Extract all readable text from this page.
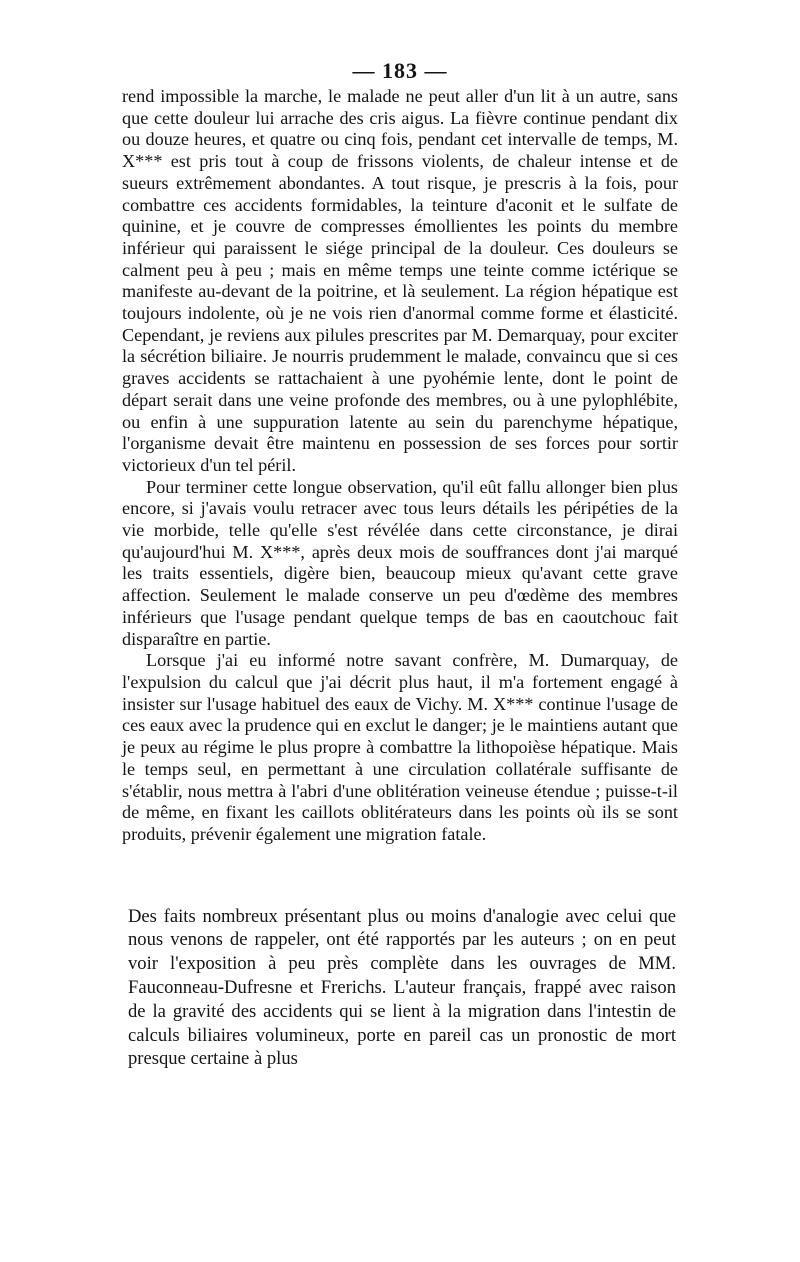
— 183 —

rend impossible la marche, le malade ne peut aller d'un lit à un autre, sans que cette douleur lui arrache des cris aigus. La fièvre continue pendant dix ou douze heures, et quatre ou cinq fois, pendant cet intervalle de temps, M. X*** est pris tout à coup de frissons violents, de chaleur intense et de sueurs extrêmement abondantes. A tout risque, je prescris à la fois, pour combattre ces accidents formidables, la teinture d'aconit et le sulfate de quinine, et je couvre de compresses émollientes les points du membre inférieur qui paraissent le siége principal de la douleur. Ces douleurs se calment peu à peu ; mais en même temps une teinte comme ictérique se manifeste au-devant de la poitrine, et là seulement. La région hépatique est toujours indolente, où je ne vois rien d'anormal comme forme et élasticité. Cependant, je reviens aux pilules prescrites par M. Demarquay, pour exciter la sécrétion biliaire. Je nourris prudemment le malade, convaincu que si ces graves accidents se rattachaient à une pyohémie lente, dont le point de départ serait dans une veine profonde des membres, ou à une pylophlébite, ou enfin à une suppuration latente au sein du parenchyme hépatique, l'organisme devait être maintenu en possession de ses forces pour sortir victorieux d'un tel péril.

Pour terminer cette longue observation, qu'il eût fallu allonger bien plus encore, si j'avais voulu retracer avec tous leurs détails les péripéties de la vie morbide, telle qu'elle s'est révélée dans cette circonstance, je dirai qu'aujourd'hui M. X***, après deux mois de souffrances dont j'ai marqué les traits essentiels, digère bien, beaucoup mieux qu'avant cette grave affection. Seulement le malade conserve un peu d'œdème des membres inférieurs que l'usage pendant quelque temps de bas en caoutchouc fait disparaître en partie.

Lorsque j'ai eu informé notre savant confrère, M. Dumarquay, de l'expulsion du calcul que j'ai décrit plus haut, il m'a fortement engagé à insister sur l'usage habituel des eaux de Vichy. M. X*** continue l'usage de ces eaux avec la prudence qui en exclut le danger; je le maintiens autant que je peux au régime le plus propre à combattre la lithopoièse hépatique. Mais le temps seul, en permettant à une circulation collatérale suffisante de s'établir, nous mettra à l'abri d'une oblitération veineuse étendue ; puisse-t-il de même, en fixant les caillots oblitérateurs dans les points où ils se sont produits, prévenir également une migration fatale.

Des faits nombreux présentant plus ou moins d'analogie avec celui que nous venons de rappeler, ont été rapportés par les auteurs ; on en peut voir l'exposition à peu près complète dans les ouvrages de MM. Fauconneau-Dufresne et Frerichs. L'auteur français, frappé avec raison de la gravité des accidents qui se lient à la migration dans l'intestin de calculs biliaires volumineux, porte en pareil cas un pronostic de mort presque certaine à plus
